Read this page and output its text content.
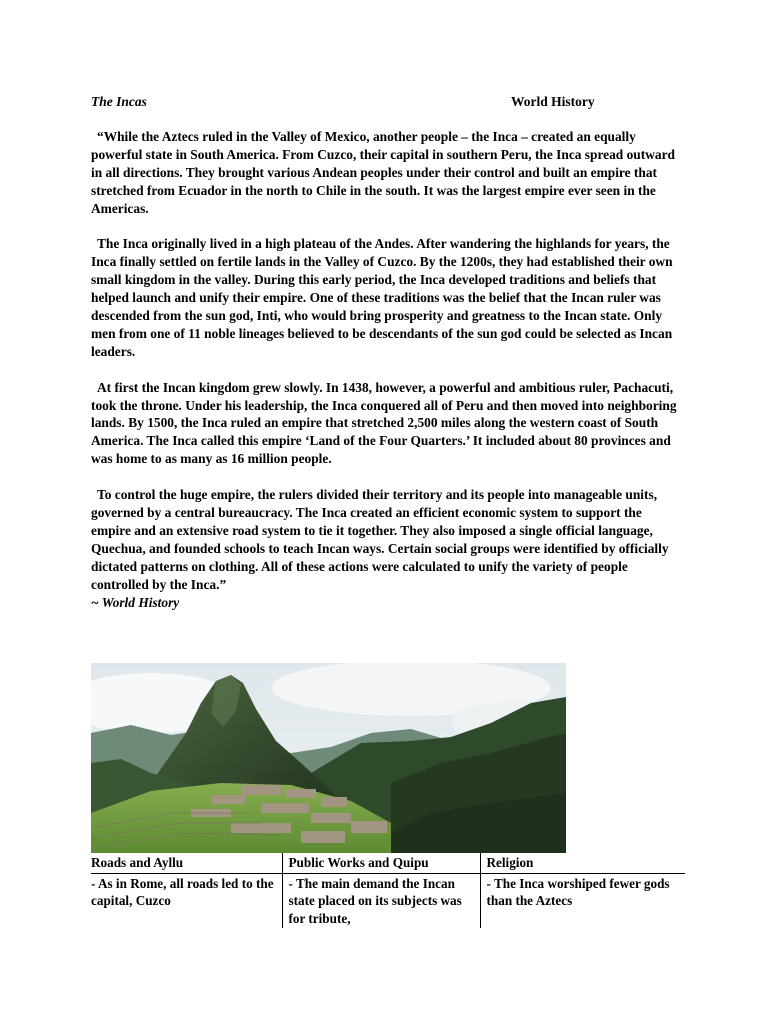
The Incas	World History

“While the Aztecs ruled in the Valley of Mexico, another people – the Inca – created an equally powerful state in South America. From Cuzco, their capital in southern Peru, the Inca spread outward in all directions. They brought various Andean peoples under their control and built an empire that stretched from Ecuador in the north to Chile in the south. It was the largest empire ever seen in the Americas.

The Inca originally lived in a high plateau of the Andes. After wandering the highlands for years, the Inca finally settled on fertile lands in the Valley of Cuzco. By the 1200s, they had established their own small kingdom in the valley. During this early period, the Inca developed traditions and beliefs that helped launch and unify their empire. One of these traditions was the belief that the Incan ruler was descended from the sun god, Inti, who would bring prosperity and greatness to the Incan state. Only men from one of 11 noble lineages believed to be descendants of the sun god could be selected as Incan leaders.

At first the Incan kingdom grew slowly. In 1438, however, a powerful and ambitious ruler, Pachacuti, took the throne. Under his leadership, the Inca conquered all of Peru and then moved into neighboring lands. By 1500, the Inca ruled an empire that stretched 2,500 miles along the western coast of South America. The Inca called this empire ‘Land of the Four Quarters.’ It included about 80 provinces and was home to as many as 16 million people.

To control the huge empire, the rulers divided their territory and its people into manageable units, governed by a central bureaucracy. The Inca created an efficient economic system to support the empire and an extensive road system to tie it together. They also imposed a single official language, Quechua, and founded schools to teach Incan ways. Certain social groups were identified by officially dictated patterns on clothing. All of these actions were calculated to unify the variety of people controlled by the Inca.”

~ World History

Roads and Ayllu	Public Works and Quipu	Religion
- As in Rome, all roads led to the capital, Cuzco	- The main demand the Incan state placed on its subjects was for tribute,	- The Inca worshiped fewer gods than the Aztecs
